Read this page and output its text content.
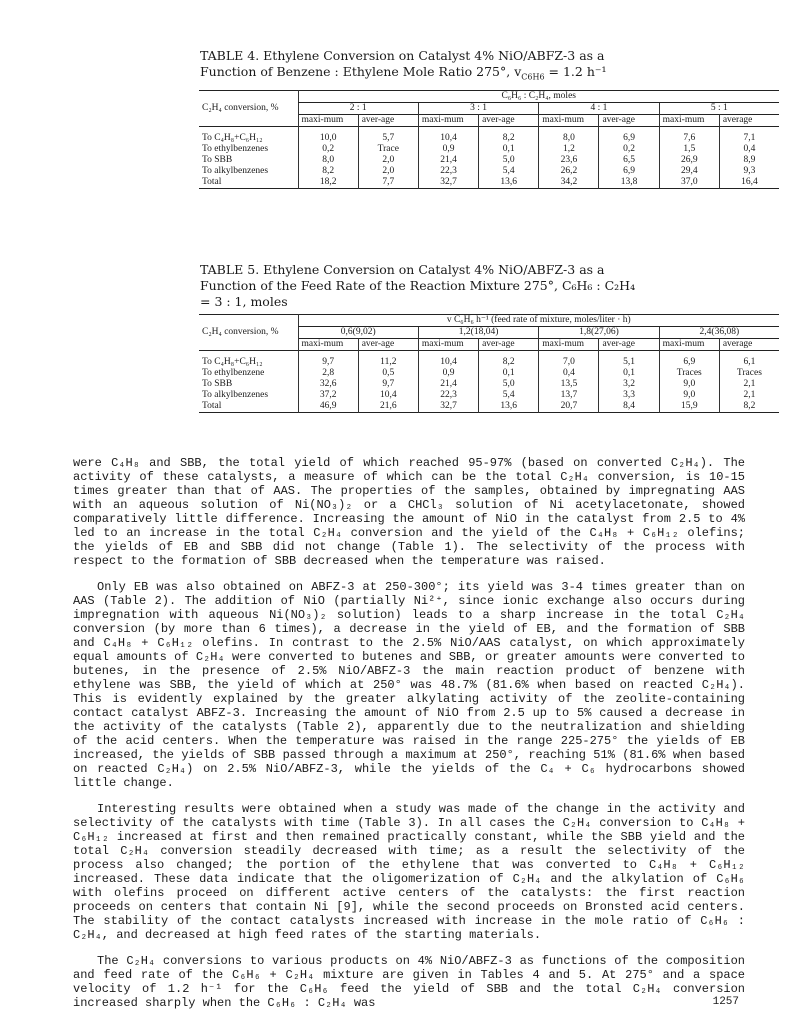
TABLE 4. Ethylene Conversion on Catalyst 4% NiO/ABFZ-3 as a
Function of Benzene : Ethylene Mole Ratio 275°, $v_{C6H6} = 1.2$ h⁻¹
C₂H₄ conversion, %	C₆H₆ : C₂H₄, moles							
	2 : 1		3 : 1		4 : 1		5 : 1	
	maxi-mum	aver-age	maxi-mum	aver-age	maxi-mum	aver-age	maxi-mum	average
To C₄H₈+C₆H₁₂	10,0	5,7	10,4	8,2	8,0	6,9	7,6	7,1
To ethylbenzenes	0,2	Trace	0,9	0,1	1,2	0,2	1,5	0,4
To SBB	8,0	2,0	21,4	5,0	23,6	6,5	26,9	8,9
To alkylbenzenes	8,2	2,0	22,3	5,4	26,2	6,9	29,4	9,3
Total	18,2	7,7	32,7	13,6	34,2	13,8	37,0	16,4
TABLE 5. Ethylene Conversion on Catalyst 4% NiO/ABFZ-3 as a
Function of the Feed Rate of the Reaction Mixture 275°, C₆H₆ : C₂H₄
= 3 : 1, moles
C₂H₄ conversion, %	v C₆H₆ h⁻¹ (feed rate of mixture, moles/liter · h)							
	0,6(9,02)		1,2(18,04)		1,8(27,06)		2,4(36,08)	
	maxi-mum	aver-age	maxi-mum	aver-age	maxi-mum	aver-age	maxi-mum	average
To C₄H₈+C₆H₁₂	9,7	11,2	10,4	8,2	7,0	5,1	6,9	6,1
To ethylbenzene	2,8	0,5	0,9	0,1	0,4	0,1	Traces	Traces
To SBB	32,6	9,7	21,4	5,0	13,5	3,2	9,0	2,1
To alkylbenzenes	37,2	10,4	22,3	5,4	13,7	3,3	9,0	2,1
Total	46,9	21,6	32,7	13,6	20,7	8,4	15,9	8,2

were C₄H₈ and SBB, the total yield of which reached 95-97% (based on converted C₂H₄). The activity of these catalysts, a measure of which can be the total C₂H₄ conversion, is 10-15 times greater than that of AAS. The properties of the samples, obtained by impregnating AAS with an aqueous solution of Ni(NO₃)₂ or a CHCl₃ solution of Ni acetylacetonate, showed comparatively little difference. Increasing the amount of NiO in the catalyst from 2.5 to 4% led to an increase in the total C₂H₄ conversion and the yield of the C₄H₈ + C₆H₁₂ olefins; the yields of EB and SBB did not change (Table 1). The selectivity of the process with respect to the formation of SBB decreased when the temperature was raised.

Only EB was also obtained on ABFZ-3 at 250-300°; its yield was 3-4 times greater than on AAS (Table 2). The addition of NiO (partially Ni²⁺, since ionic exchange also occurs during impregnation with aqueous Ni(NO₃)₂ solution) leads to a sharp increase in the total C₂H₄ conversion (by more than 6 times), a decrease in the yield of EB, and the formation of SBB and C₄H₈ + C₆H₁₂ olefins. In contrast to the 2.5% NiO/AAS catalyst, on which approximately equal amounts of C₂H₄ were converted to butenes and SBB, or greater amounts were converted to butenes, in the presence of 2.5% NiO/ABFZ-3 the main reaction product of benzene with ethylene was SBB, the yield of which at 250° was 48.7% (81.6% when based on reacted C₂H₄). This is evidently explained by the greater alkylating activity of the zeolite-containing contact catalyst ABFZ-3. Increasing the amount of NiO from 2.5 up to 5% caused a decrease in the activity of the catalysts (Table 2), apparently due to the neutralization and shielding of the acid centers. When the temperature was raised in the range 225-275° the yields of EB increased, the yields of SBB passed through a maximum at 250°, reaching 51% (81.6% when based on reacted C₂H₄) on 2.5% NiO/ABFZ-3, while the yields of the C₄ + C₆ hydrocarbons showed little change.

Interesting results were obtained when a study was made of the change in the activity and selectivity of the catalysts with time (Table 3). In all cases the C₂H₄ conversion to C₄H₈ + C₆H₁₂ increased at first and then remained practically constant, while the SBB yield and the total C₂H₄ conversion steadily decreased with time; as a result the selectivity of the process also changed; the portion of the ethylene that was converted to C₄H₈ + C₆H₁₂ increased. These data indicate that the oligomerization of C₂H₄ and the alkylation of C₆H₆ with olefins proceed on different active centers of the catalysts: the first reaction proceeds on centers that contain Ni [9], while the second proceeds on Bronsted acid centers. The stability of the contact catalysts increased with increase in the mole ratio of C₆H₆ : C₂H₄, and decreased at high feed rates of the starting materials.

The C₂H₄ conversions to various products on 4% NiO/ABFZ-3 as functions of the composition and feed rate of the C₆H₆ + C₂H₄ mixture are given in Tables 4 and 5. At 275° and a space velocity of 1.2 h⁻¹ for the C₆H₆ feed the yield of SBB and the total C₂H₄ conversion increased sharply when the C₆H₆ : C₂H₄ was	1257
